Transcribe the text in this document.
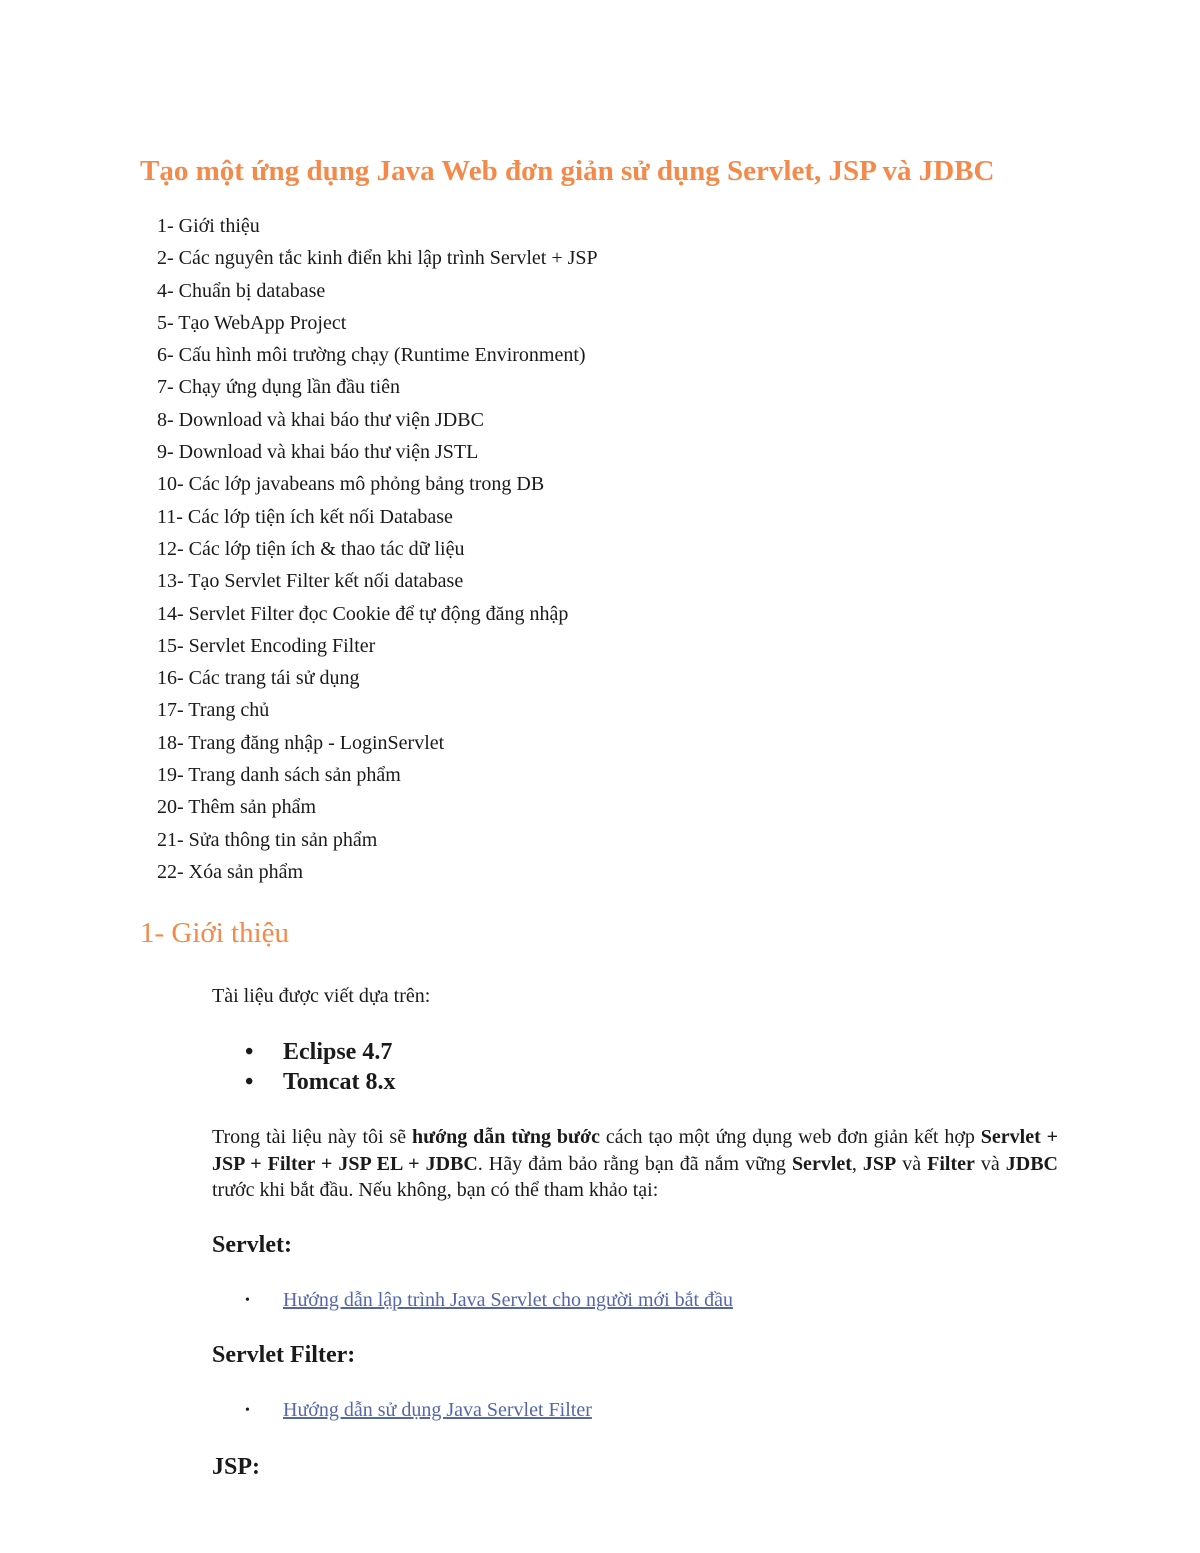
Tạo một ứng dụng Java Web đơn giản sử dụng Servlet, JSP và JDBC
1- Giới thiệu
2- Các nguyên tắc kinh điển khi lập trình Servlet + JSP
4- Chuẩn bị database
5- Tạo WebApp Project
6- Cấu hình môi trường chạy (Runtime Environment)
7- Chạy ứng dụng lần đầu tiên
8- Download và khai báo thư viện JDBC
9- Download và khai báo thư viện JSTL
10- Các lớp javabeans mô phỏng bảng trong DB
11- Các lớp tiện ích kết nối Database
12- Các lớp tiện ích & thao tác dữ liệu
13- Tạo Servlet Filter kết nối database
14- Servlet Filter đọc Cookie để tự động đăng nhập
15- Servlet Encoding Filter
16- Các trang tái sử dụng
17- Trang chủ
18- Trang đăng nhập - LoginServlet
19- Trang danh sách sản phẩm
20- Thêm sản phẩm
21- Sửa thông tin sản phẩm
22- Xóa sản phẩm
1- Giới thiệu

Tài liệu được viết dựa trên:

• Eclipse 4.7
• Tomcat 8.x

Trong tài liệu này tôi sẽ hướng dẫn từng bước cách tạo một ứng dụng web đơn giản kết hợp Servlet + JSP + Filter + JSP EL + JDBC. Hãy đảm bảo rằng bạn đã nắm vững Servlet, JSP và Filter và JDBC trước khi bắt đầu. Nếu không, bạn có thể tham khảo tại:

Servlet:

• Hướng dẫn lập trình Java Servlet cho người mới bắt đầu

Servlet Filter:

• Hướng dẫn sử dụng Java Servlet Filter

JSP:
